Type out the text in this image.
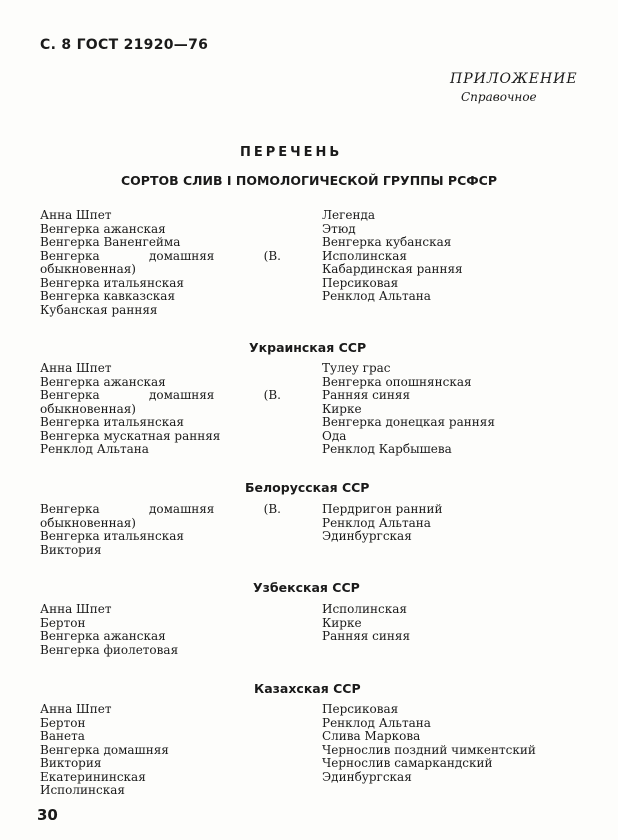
С. 8 ГОСТ 21920—76
ПРИЛОЖЕНИЕ
Справочное
ПЕРЕЧЕНЬ
СОРТОВ СЛИВ I ПОМОЛОГИЧЕСКОЙ ГРУППЫ РСФСР
Анна Шпет
Венгерка ажанская
Венгерка Ваненгейма
Венгерка домашняя (В. обыкновенная)
Венгерка итальянская
Венгерка кавказская
Кубанская ранняя
Легенда
Этюд
Венгерка кубанская
Исполинская
Кабардинская ранняя
Персиковая
Ренклод Альтана
Украинская ССР
Анна Шпет
Венгерка ажанская
Венгерка домашняя (В. обыкновенная)
Венгерка итальянская
Венгерка мускатная ранняя
Ренклод Альтана
Тулеу грас
Венгерка опошнянская
Ранняя синяя
Кирке
Венгерка донецкая ранняя
Ода
Ренклод Карбышева
Белорусская ССР
Венгерка домашняя (В. обыкновенная)
Венгерка итальянская
Виктория
Пердригон ранний
Ренклод Альтана
Эдинбургская
Узбекская ССР
Анна Шпет
Бертон
Венгерка ажанская
Венгерка фиолетовая
Исполинская
Кирке
Ранняя синяя
Казахская ССР
Анна Шпет
Бертон
Ванета
Венгерка домашняя
Виктория
Екатерининская
Исполинская
Персиковая
Ренклод Альтана
Слива Маркова
Чернослив поздний чимкентский
Чернослив самаркандский
Эдинбургская
30
